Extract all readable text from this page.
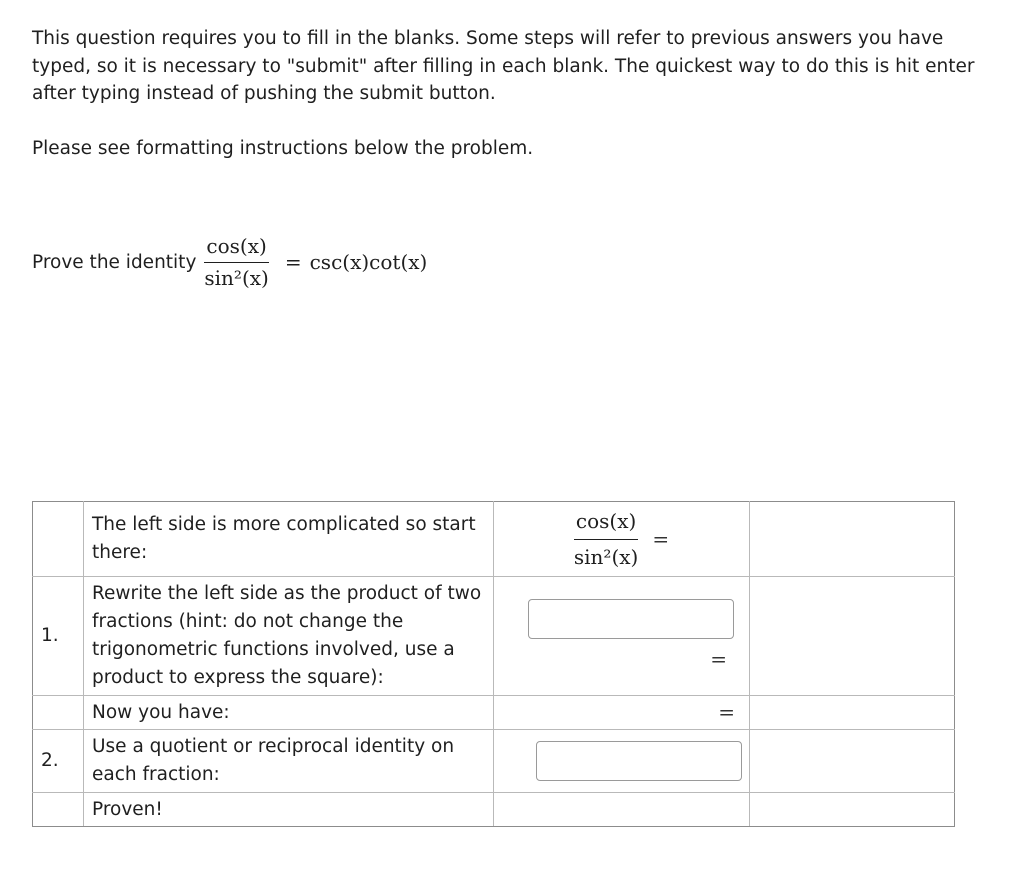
This question requires you to fill in the blanks. Some steps will refer to previous answers you have typed, so it is necessary to "submit" after filling in each blank. The quickest way to do this is hit enter after typing instead of pushing the submit button.

Please see formatting instructions below the problem.

Prove the identity $\frac{\cos(x)}{\text{sin²(x)}} = \csc(x)\cot(x)$
	The left side is more complicated so start there:	$\frac{\cos(x)}{\text{sin²(x)}}$ =	

1.	Rewrite the left side as the product of two fractions (hint: do not change the trigonometric functions involved, use a product to express the square):	=	

	Now you have:	=	
2.	Use a quotient or reciprocal identity on each fraction:		
	Proven!		
